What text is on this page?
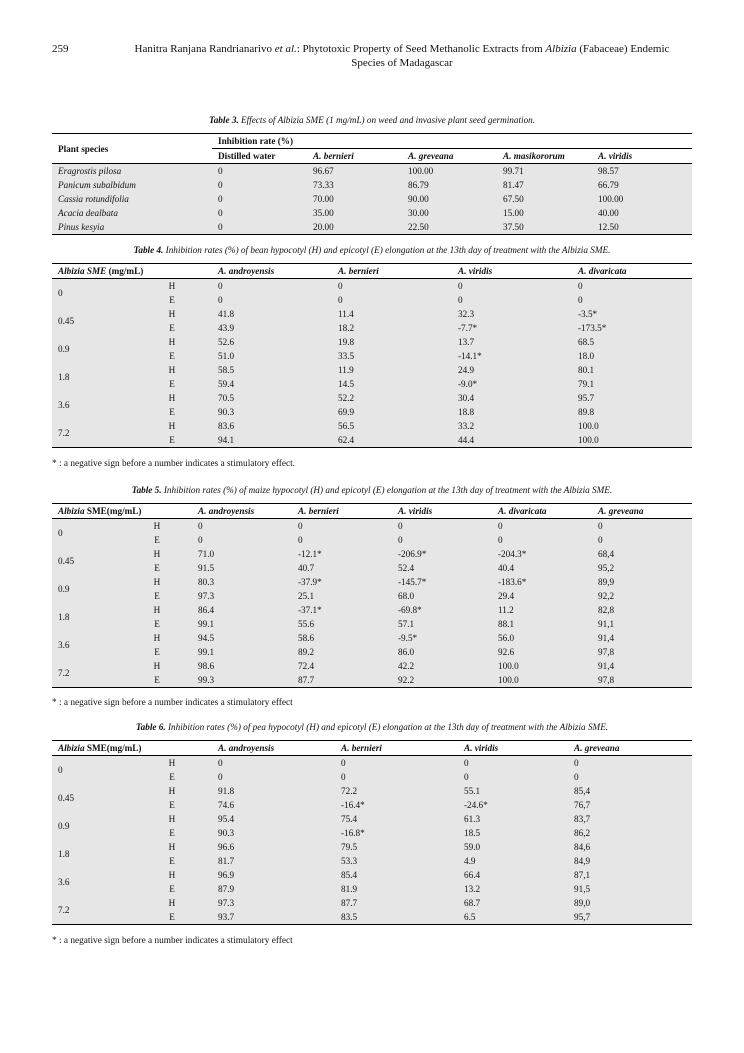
259	Hanitra Ranjana Randrianarivo et al.: Phytotoxic Property of Seed Methanolic Extracts from Albizia (Fabaceae) Endemic
Species of Madagascar
Table 3. Effects of Albizia SME (1 mg/mL) on weed and invasive plant seed germination.
Plant species	Inhibition rate (%)				
	Distilled water	A. bernieri	A. greveana	A. masikororum	A. viridis
Eragrostis pilosa	0	96.67	100.00	99.71	98.57
Panicum subalbidum	0	73.33	86.79	81.47	66.79
Cassia rotundifolia	0	70.00	90.00	67.50	100.00
Acacia dealbata	0	35.00	30.00	15.00	40.00
Pinus kesyia	0	20.00	22.50	37.50	12.50
Table 4. Inhibition rates (%) of bean hypocotyl (H) and epicotyl (E) elongation at the 13th day of treatment with the Albizia SME.
Albizia SME (mg/mL)		A. androyensis	A. bernieri	A. viridis	A. divaricata
0	H	0	0	0	0
	E	0	0	0	0
0.45	H	41.8	11.4	32.3	-3.5*
	E	43.9	18.2	-7.7*	-173.5*
0.9	H	52.6	19.8	13.7	68.5
	E	51.0	33.5	-14.1*	18.0
1.8	H	58.5	11.9	24.9	80.1
	E	59.4	14.5	-9.0*	79.1
3.6	H	70.5	52.2	30.4	95.7
	E	90.3	69.9	18.8	89.8
7.2	H	83.6	56.5	33.2	100.0
	E	94.1	62.4	44.4	100.0
* : a negative sign before a number indicates a stimulatory effect.
Table 5. Inhibition rates (%) of maize hypocotyl (H) and epicotyl (E) elongation at the 13th day of treatment with the Albizia SME.
Albizia SME(mg/mL)		A. androyensis	A. bernieri	A. viridis	A. divaricata	A. greveana
0	H	0	0	0	0	0
	E	0	0	0	0	0
0.45	H	71.0	-12.1*	-206.9*	-204.3*	68,4
	E	91.5	40.7	52.4	40.4	95,2
0.9	H	80.3	-37.9*	-145.7*	-183.6*	89,9
	E	97.3	25.1	68.0	29.4	92,2
1.8	H	86.4	-37.1*	-69.8*	11.2	82,8
	E	99.1	55.6	57.1	88.1	91,1
3.6	H	94.5	58.6	-9.5*	56.0	91,4
	E	99.1	89.2	86.0	92.6	97,8
7.2	H	98.6	72.4	42.2	100.0	91,4
	E	99.3	87.7	92.2	100.0	97,8
* : a negative sign before a number indicates a stimulatory effect
Table 6. Inhibition rates (%) of pea hypocotyl (H) and epicotyl (E) elongation at the 13th day of treatment with the Albizia SME.
Albizia SME(mg/mL)		A. androyensis	A. bernieri	A. viridis	A. greveana
0	H	0	0	0	0
	E	0	0	0	0
0.45	H	91.8	72.2	55.1	85,4
	E	74.6	-16.4*	-24.6*	76,7
0.9	H	95.4	75.4	61.3	83,7
	E	90.3	-16.8*	18.5	86,2
1.8	H	96.6	79.5	59.0	84,6
	E	81.7	53.3	4.9	84,9
3.6	H	96.9	85.4	66.4	87,1
	E	87.9	81.9	13.2	91,5
7.2	H	97.3	87.7	68.7	89,0
	E	93.7	83.5	6.5	95,7
* : a negative sign before a number indicates a stimulatory effect
